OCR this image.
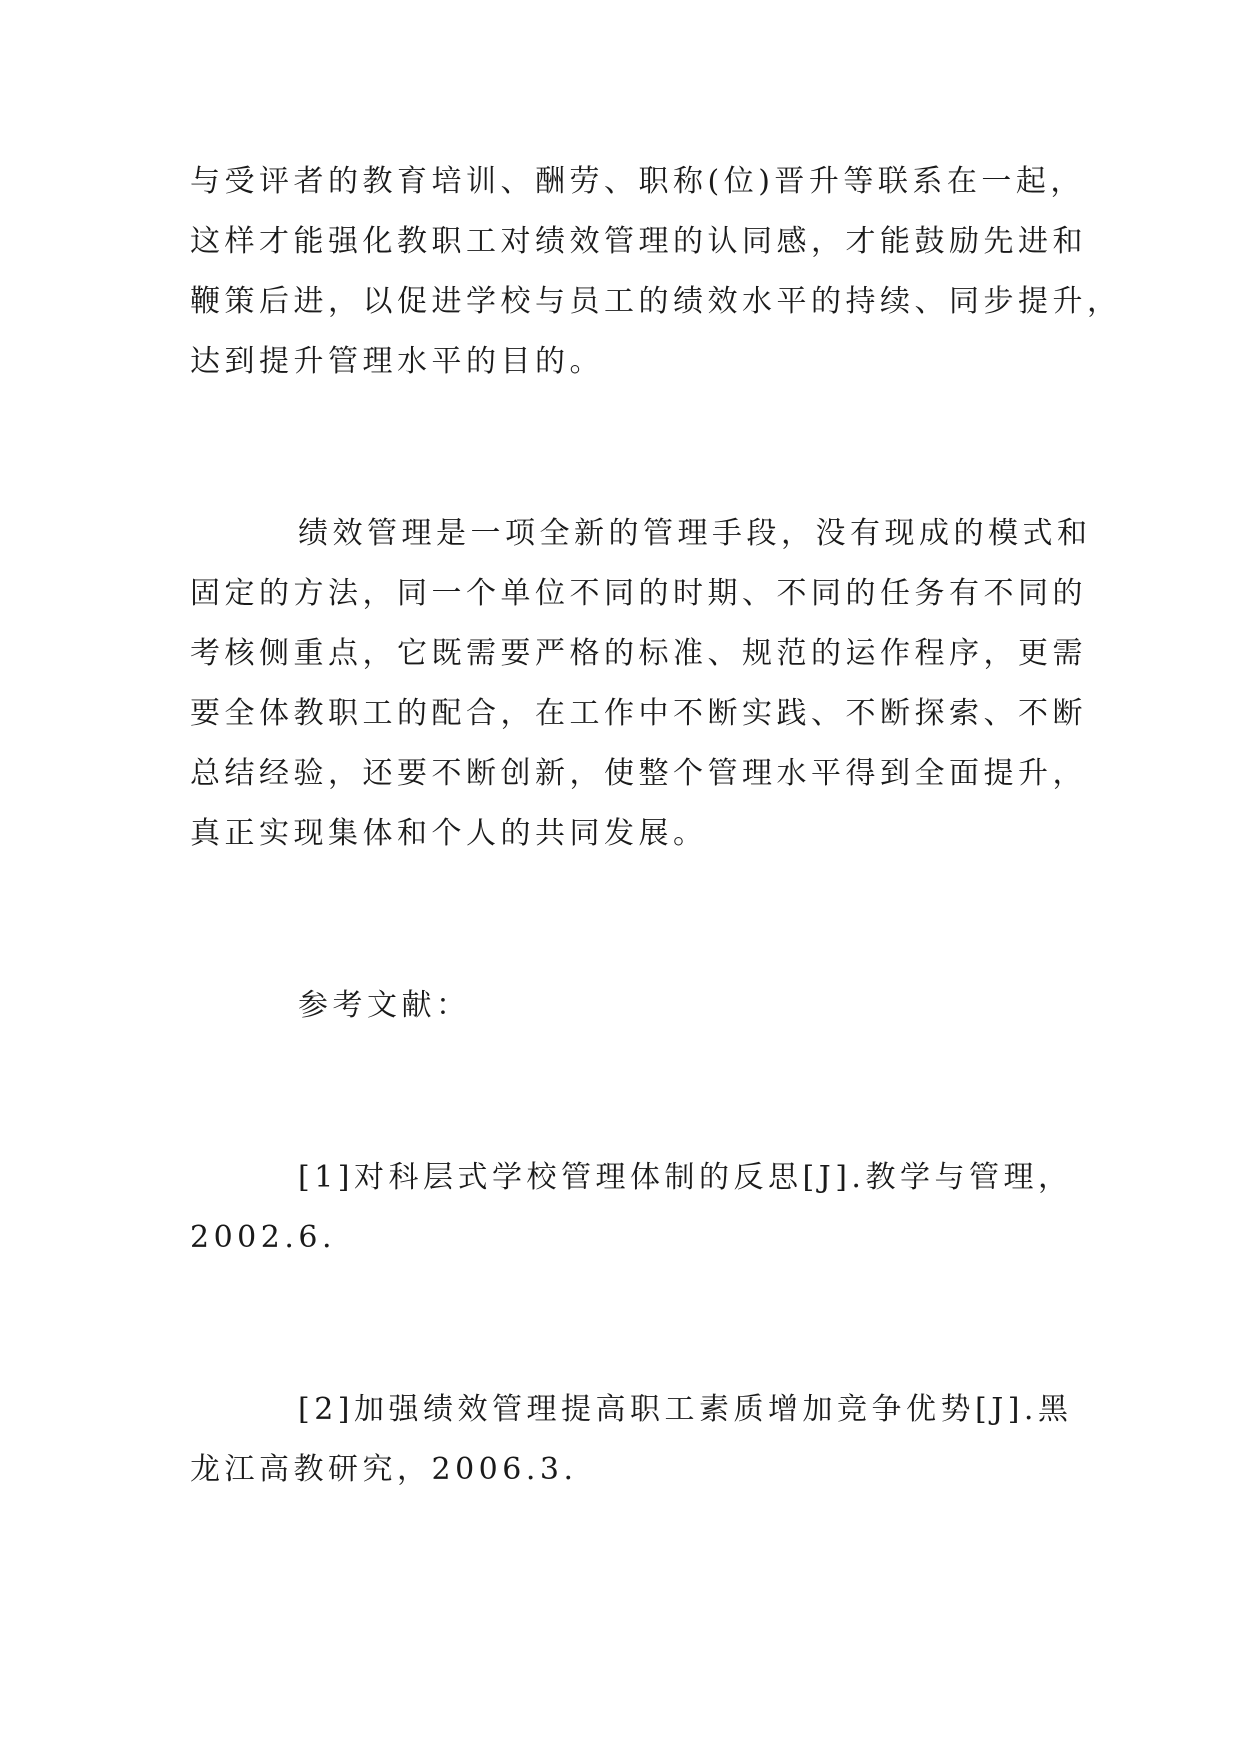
与受评者的教育培训、酬劳、职称(位)晋升等联系在一起，
这样才能强化教职工对绩效管理的认同感，才能鼓励先进和
鞭策后进，以促进学校与员工的绩效水平的持续、同步提升，
达到提升管理水平的目的。
绩效管理是一项全新的管理手段，没有现成的模式和
固定的方法，同一个单位不同的时期、不同的任务有不同的
考核侧重点，它既需要严格的标准、规范的运作程序，更需
要全体教职工的配合，在工作中不断实践、不断探索、不断
总结经验，还要不断创新，使整个管理水平得到全面提升，
真正实现集体和个人的共同发展。
参考文献：
[1]对科层式学校管理体制的反思[J].教学与管理，
2002.6.
[2]加强绩效管理提高职工素质增加竞争优势[J].黑
龙江高教研究，2006.3.
